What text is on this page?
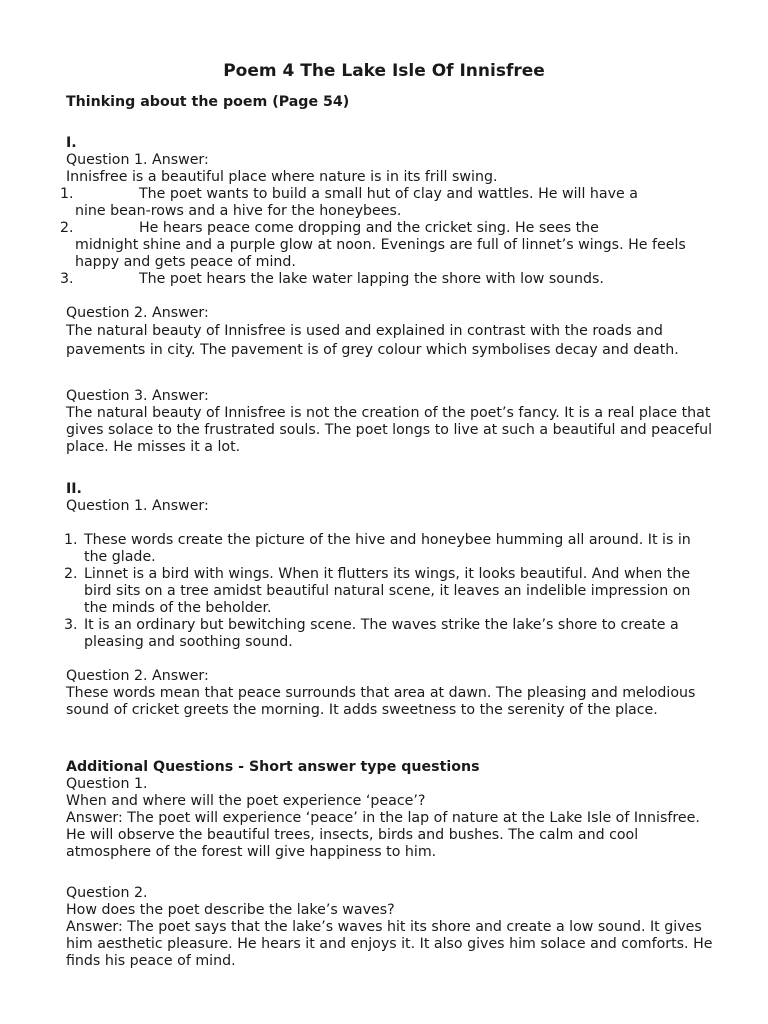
Poem 4 The Lake Isle Of Innisfree
Thinking about the poem (Page 54)
I.

Question 1. Answer:

Innisfree is a beautiful place where nature is in its frill swing.

1.	The poet wants to build a small hut of clay and wattles. He will have a
nine bean-rows and a hive for the honeybees.
2.	He hears peace come dropping and the cricket sing. He sees the
midnight shine and a purple glow at noon. Evenings are full of linnet’s wings. He feels happy and gets peace of mind.
3.	The poet hears the lake water lapping the shore with low sounds.

Question 2. Answer:

The natural beauty of Innisfree is used and explained in contrast with the roads and pavements in city. The pavement is of grey colour which symbolises decay and death.

Question 3. Answer:

The natural beauty of Innisfree is not the creation of the poet’s fancy. It is a real place that gives solace to the frustrated souls. The poet longs to live at such a beautiful and peaceful place. He misses it a lot.

II.
Question 1. Answer:
1. These words create the picture of the hive and honeybee humming all around. It is in the glade.
2. Linnet is a bird with wings. When it flutters its wings, it looks beautiful. And when the bird sits on a tree amidst beautiful natural scene, it leaves an indelible impression on the minds of the beholder.
3. It is an ordinary but bewitching scene. The waves strike the lake’s shore to create a pleasing and soothing sound.

Question 2. Answer:

These words mean that peace surrounds that area at dawn. The pleasing and melodious sound of cricket greets the morning. It adds sweetness to the serenity of the place.

Additional Questions - Short answer type questions

Question 1.

When and where will the poet experience ‘peace’?

Answer: The poet will experience ‘peace’ in the lap of nature at the Lake Isle of Innisfree. He will observe the beautiful trees, insects, birds and bushes. The calm and cool atmosphere of the forest will give happiness to him.

Question 2.

How does the poet describe the lake’s waves?

Answer: The poet says that the lake’s waves hit its shore and create a low sound. It gives him aesthetic pleasure. He hears it and enjoys it. It also gives him solace and comforts. He finds his peace of mind.
